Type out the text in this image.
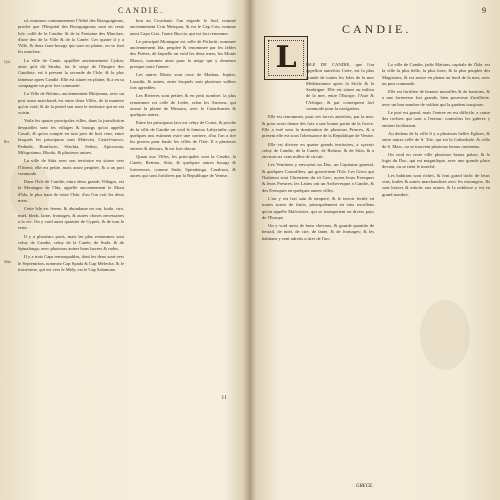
CANDIE.
Cyd.
Ret.
Sitia.

rd, nommez communement l'Abbé des Bourguignons, proche que l'Hospital des Bourguignons sont en ceste Isle, collé de la Canthe: & de la Fontaine des Marchez, d'une deo de la Ville & de la Canée. Ces quatre il y a Ville, & deux faux-bourgs qui sont en plaine, ou se font les marchez.

La ville de Canie, appellée anciennement Cydon, ainsi qu'à dit Strabo, fut le siege de l'Empire des Candiots; est à present la seconde de l'Isle, & la plus fameuse apres Candie. Elle est situee en plaine, & a en sa compagnie un port fort commode.

La Ville de Retimo, anciennement Rhitymna, avec un port assez marchand, est entre deux Villes, de la maniere qu'on void; & de la prend son nom le territoire qui en est voisin.

Voila les quatre principales villes, dans la jurisdiction desquelles sont les villages & bourgs qu'on appelle Casali, & qu'on compte en tout pres de huit cens, entre lesquels les principaux sont Malevisi, Castel-nuovo, Pediada, Bonifacio, Sfachia, Selino, Apicorona, Milopotamo, Rhodo, & plusieurs autres.

La ville de Sitia avec son territoire est situee vers l'Orient; elle est petite, mais assez peuplee, & a un port commode.

Dans l'Isle de Candie, entre deux grands Villages, est la Montagne de l'Ida, appelle anciennement le Mont d'Ida, le plus haut de toute l'Isle, d'ou l'on voit les deux mers.

Cette Isle est ferme, & abondante en vin, huile, cire, miel, bleds, laine, fromages, & autres choses necessaires a la vie. On y void aussi quantite de Cyprés, & de tout le reste.

Il y a plusieurs ports, mais les plus renommez sont celuy de Candie, celuy de la Canée, de Suda, & de Spinalonga, avec plusieurs autres bons havres & rades.

Il y a trois Caps remarquables, dont les deux sont vers le Septentrion, nommez Cap Spada & Cap Melecha, & le troisiesme, qui est vers le Midy, est le Cap Salamone.

bon au Couchant; l'un regarde le Sud, nommé anciennement Criu Metopon, & est le Cap Criu, nomme aussi Capo Crio, l'autre Buccia, qui est fort renomme.

Le principal Montagne est celle de Psiloriti, nommee anciennement Ida, peuplee & renommee par les fables des Poëtes, de laquelle on void les deux mers; les Monts Blancs, nommez ainsi pour la neige qui y demeure presque toute l'annee.

Les autres Monts sont ceux de Madara, Jupiter, Lassithi, & autres, entre lesquels sont plusieurs vallees fort agreables.

Les Rivieres sont petites & en petit nombre: la plus renommee est celle de Lethe, selon les Anciens, qui arrose la plaine de Messara, avec le Catarrhaetes & quelques autres.

Entre les principaux lacs est celuy de Corisi, & proche de la ville de Candie on void le fameux Labyrinthe, que quelques uns estiment estre une carriere, d'ou l'on a tire les pierres pour bastir les villes de l'Isle. Il a plusieurs entrees & detours, & est fort obscur.

Quant aux Villes, les principales sont la Candie, la Canée, Retimo, Sitia, & quelques autres bourgs & forteresses, comme Suda, Spinalonga, Carabusa, & autres qui sont fortifiees par la Republique de Venise.

II
9
CANDIE.
L	ISLE DE CANDIE, que l'on appelloit autrefois Crete, est la plus grande de toutes les Isles de la mer Mediterranee apres la Sicile & la Sardaigne. Elle est situee au milieu de la mer, entre l'Europe, l'Asie & l'Afrique, & par consequent fort commode pour la navigation.

Elle est renommee, pour ses forces autrefois, par la mer, & pour avoir donne des loix a une bonne partie de la Grece. Elle a esté sous la domination de plusieurs Princes, & a present elle est sous l'obeissance de la Republique de Venise.

Elle est divisee en quatre grands territoires, a sçavoir celuy de Candie, de la Canée, de Retimo, & de Sitia, & a environ six cens milles de circuit.

Les Venitiens y envoyent un Duc, un Capitaine general, & quelques Conseillers, qui gouvernent l'Isle. Les Grecs qui l'habitent sont Chrestiens du rit Grec, ayans leurs Evesques & leurs Prestres; les Latins ont un Archevesque a Candie, & des Evesques en quelques autres villes.

L'air y est fort sain & temperé, & le terroir fertile en toutes sortes de fruits, principalement en vins excellens qu'on appelle Malvoisies, qui se transportent en divers pays de l'Europe.

On y void aussi de bons chevaux, & grande quantite de bestail, de miel, de cire, de laine, & de fromages; & les habitans y sont adroits a tirer de l'arc.

La ville de Candie, jadis Matium, capitale de l'Isle, est la ville la plus belle, la plus forte, & la plus peuplee des Magistrats, & est assise en plaine au bord de la mer, avec un port commode.

Elle est fortifiee de bonnes murailles & de bastions, & a une forteresse fort grande, bien pourveue d'artillerie, avec un bon nombre de soldats qui la gardent tousjours.

Le port est grand, mais l'entree en est difficile, a cause des rochers qui sont a l'entour; toutesfois les galeres y entrent facilement.

Au dedans de la ville il y a plusieurs belles Eglises, & entre autres celle de S. Tite, qui est la Cathedrale, & celle de S. Marc, ou se trouvent plusieurs beaux ornemens.

On void en ceste ville plusieurs beaux palais, & le logis du Duc, qui est magnifique, avec une grande place devant, ou se tient le marché.

Les habitans sont riches, & font grand trafic de leurs vins, huiles & autres marchandises avec les estrangers. Ils sont braves & adroits aux armes, & la noblesse y est en grand nombre.

GRECE.
